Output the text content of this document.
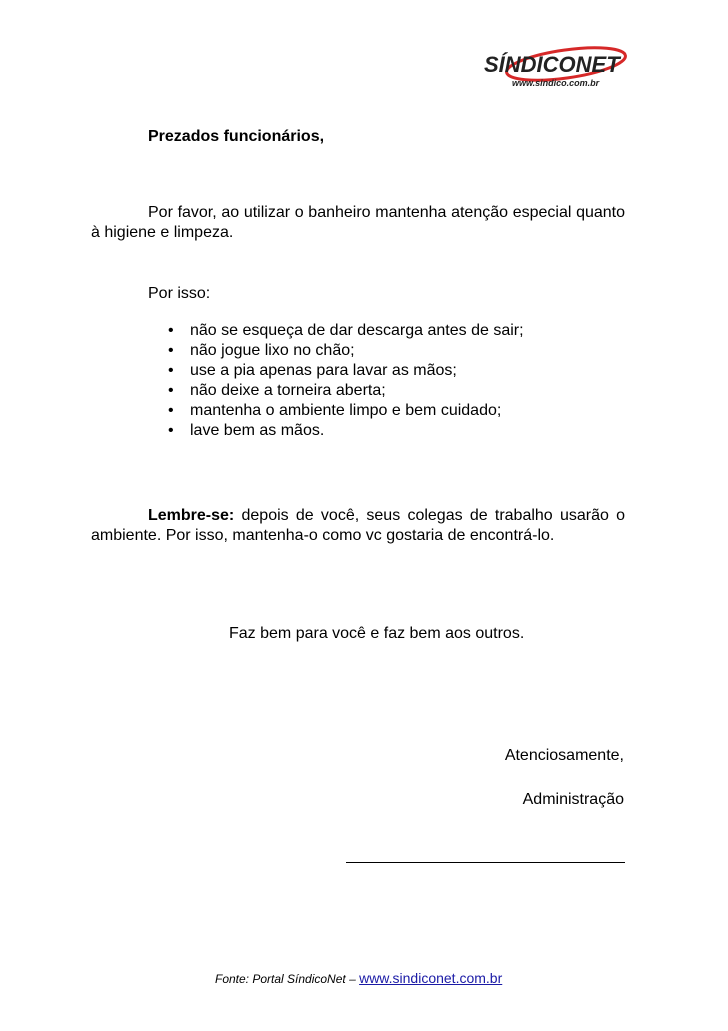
SÍNDICONET
www.sindico.com.br
Prezados funcionários,
Por favor, ao utilizar o banheiro mantenha atenção especial quanto à higiene e limpeza.
Por isso:
• não se esqueça de dar descarga antes de sair;
• não jogue lixo no chão;
• use a pia apenas para lavar as mãos;
• não deixe a torneira aberta;
• mantenha o ambiente limpo e bem cuidado;
• lave bem as mãos.
Lembre-se: depois de você, seus colegas de trabalho usarão o ambiente. Por isso, mantenha-o como vc gostaria de encontrá-lo.
Faz bem para você e faz bem aos outros.
Atenciosamente,
Administração
Fonte: Portal SíndicoNet – www.sindiconet.com.br
